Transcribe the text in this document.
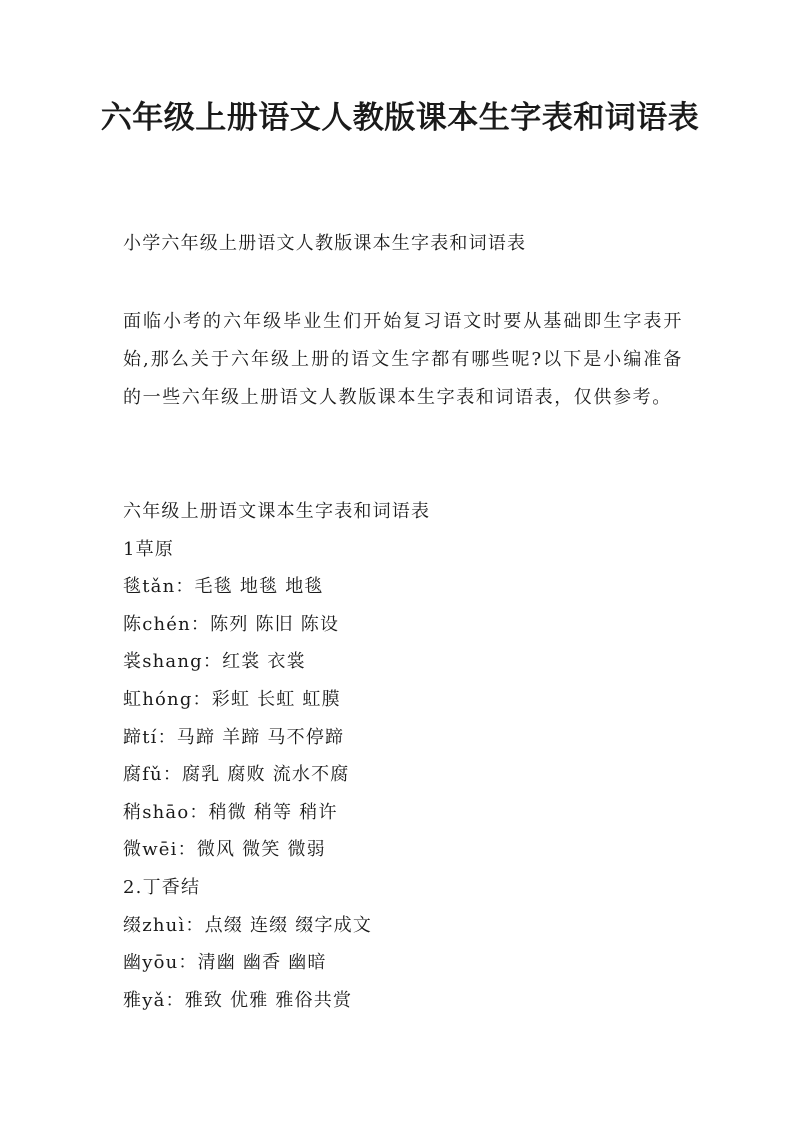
六年级上册语文人教版课本生字表和词语表

小学六年级上册语文人教版课本生字表和词语表

面临小考的六年级毕业生们开始复习语文时要从基础即生字表开始,那么关于六年级上册的语文生字都有哪些呢?以下是小编准备的一些六年级上册语文人教版课本生字表和词语表，仅供参考。

六年级上册语文课本生字表和词语表
1草原
毯tǎn：毛毯 地毯 地毯
陈chén：陈列 陈旧 陈设
裳shang：红裳 衣裳
虹hóng：彩虹 长虹 虹膜
蹄tí：马蹄 羊蹄 马不停蹄
腐fǔ：腐乳 腐败 流水不腐
稍shāo：稍微 稍等 稍许
微wēi：微风 微笑 微弱
2.丁香结
缀zhuì：点缀 连缀 缀字成文
幽yōu：清幽 幽香 幽暗
雅yǎ：雅致 优雅 雅俗共赏
